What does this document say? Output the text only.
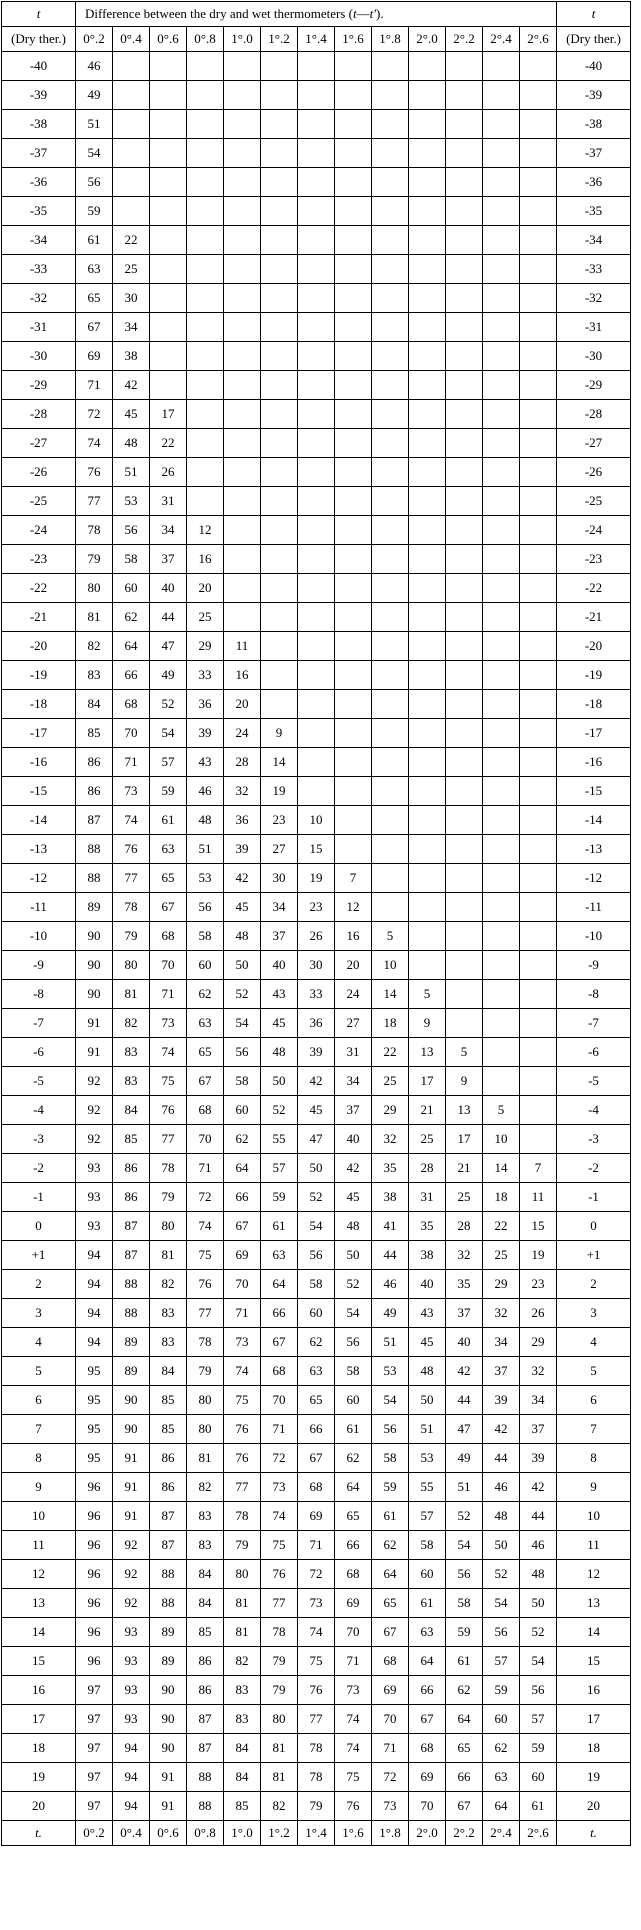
t	Difference between the dry and wet thermometers (t—t′).													t
(Dry ther.)	0°.2	0°.4	0°.6	0°.8	1°.0	1°.2	1°.4	1°.6	1°.8	2°.0	2°.2	2°.4	2°.6	(Dry ther.)
-40	46													-40
-39	49													-39
-38	51													-38
-37	54													-37
-36	56													-36
-35	59													-35
-34	61	22												-34
-33	63	25												-33
-32	65	30												-32
-31	67	34												-31
-30	69	38												-30
-29	71	42												-29
-28	72	45	17											-28
-27	74	48	22											-27
-26	76	51	26											-26
-25	77	53	31											-25
-24	78	56	34	12										-24
-23	79	58	37	16										-23
-22	80	60	40	20										-22
-21	81	62	44	25										-21
-20	82	64	47	29	11									-20
-19	83	66	49	33	16									-19
-18	84	68	52	36	20									-18
-17	85	70	54	39	24	9								-17
-16	86	71	57	43	28	14								-16
-15	86	73	59	46	32	19								-15
-14	87	74	61	48	36	23	10							-14
-13	88	76	63	51	39	27	15							-13
-12	88	77	65	53	42	30	19	7						-12
-11	89	78	67	56	45	34	23	12						-11
-10	90	79	68	58	48	37	26	16	5					-10
-9	90	80	70	60	50	40	30	20	10					-9
-8	90	81	71	62	52	43	33	24	14	5				-8
-7	91	82	73	63	54	45	36	27	18	9				-7
-6	91	83	74	65	56	48	39	31	22	13	5			-6
-5	92	83	75	67	58	50	42	34	25	17	9			-5
-4	92	84	76	68	60	52	45	37	29	21	13	5		-4
-3	92	85	77	70	62	55	47	40	32	25	17	10		-3
-2	93	86	78	71	64	57	50	42	35	28	21	14	7	-2
-1	93	86	79	72	66	59	52	45	38	31	25	18	11	-1
0	93	87	80	74	67	61	54	48	41	35	28	22	15	0
+1	94	87	81	75	69	63	56	50	44	38	32	25	19	+1
2	94	88	82	76	70	64	58	52	46	40	35	29	23	2
3	94	88	83	77	71	66	60	54	49	43	37	32	26	3
4	94	89	83	78	73	67	62	56	51	45	40	34	29	4
5	95	89	84	79	74	68	63	58	53	48	42	37	32	5
6	95	90	85	80	75	70	65	60	54	50	44	39	34	6
7	95	90	85	80	76	71	66	61	56	51	47	42	37	7
8	95	91	86	81	76	72	67	62	58	53	49	44	39	8
9	96	91	86	82	77	73	68	64	59	55	51	46	42	9
10	96	91	87	83	78	74	69	65	61	57	52	48	44	10
11	96	92	87	83	79	75	71	66	62	58	54	50	46	11
12	96	92	88	84	80	76	72	68	64	60	56	52	48	12
13	96	92	88	84	81	77	73	69	65	61	58	54	50	13
14	96	93	89	85	81	78	74	70	67	63	59	56	52	14
15	96	93	89	86	82	79	75	71	68	64	61	57	54	15
16	97	93	90	86	83	79	76	73	69	66	62	59	56	16
17	97	93	90	87	83	80	77	74	70	67	64	60	57	17
18	97	94	90	87	84	81	78	74	71	68	65	62	59	18
19	97	94	91	88	84	81	78	75	72	69	66	63	60	19
20	97	94	91	88	85	82	79	76	73	70	67	64	61	20
t.	0°.2	0°.4	0°.6	0°.8	1°.0	1°.2	1°.4	1°.6	1°.8	2°.0	2°.2	2°.4	2°.6	t.
